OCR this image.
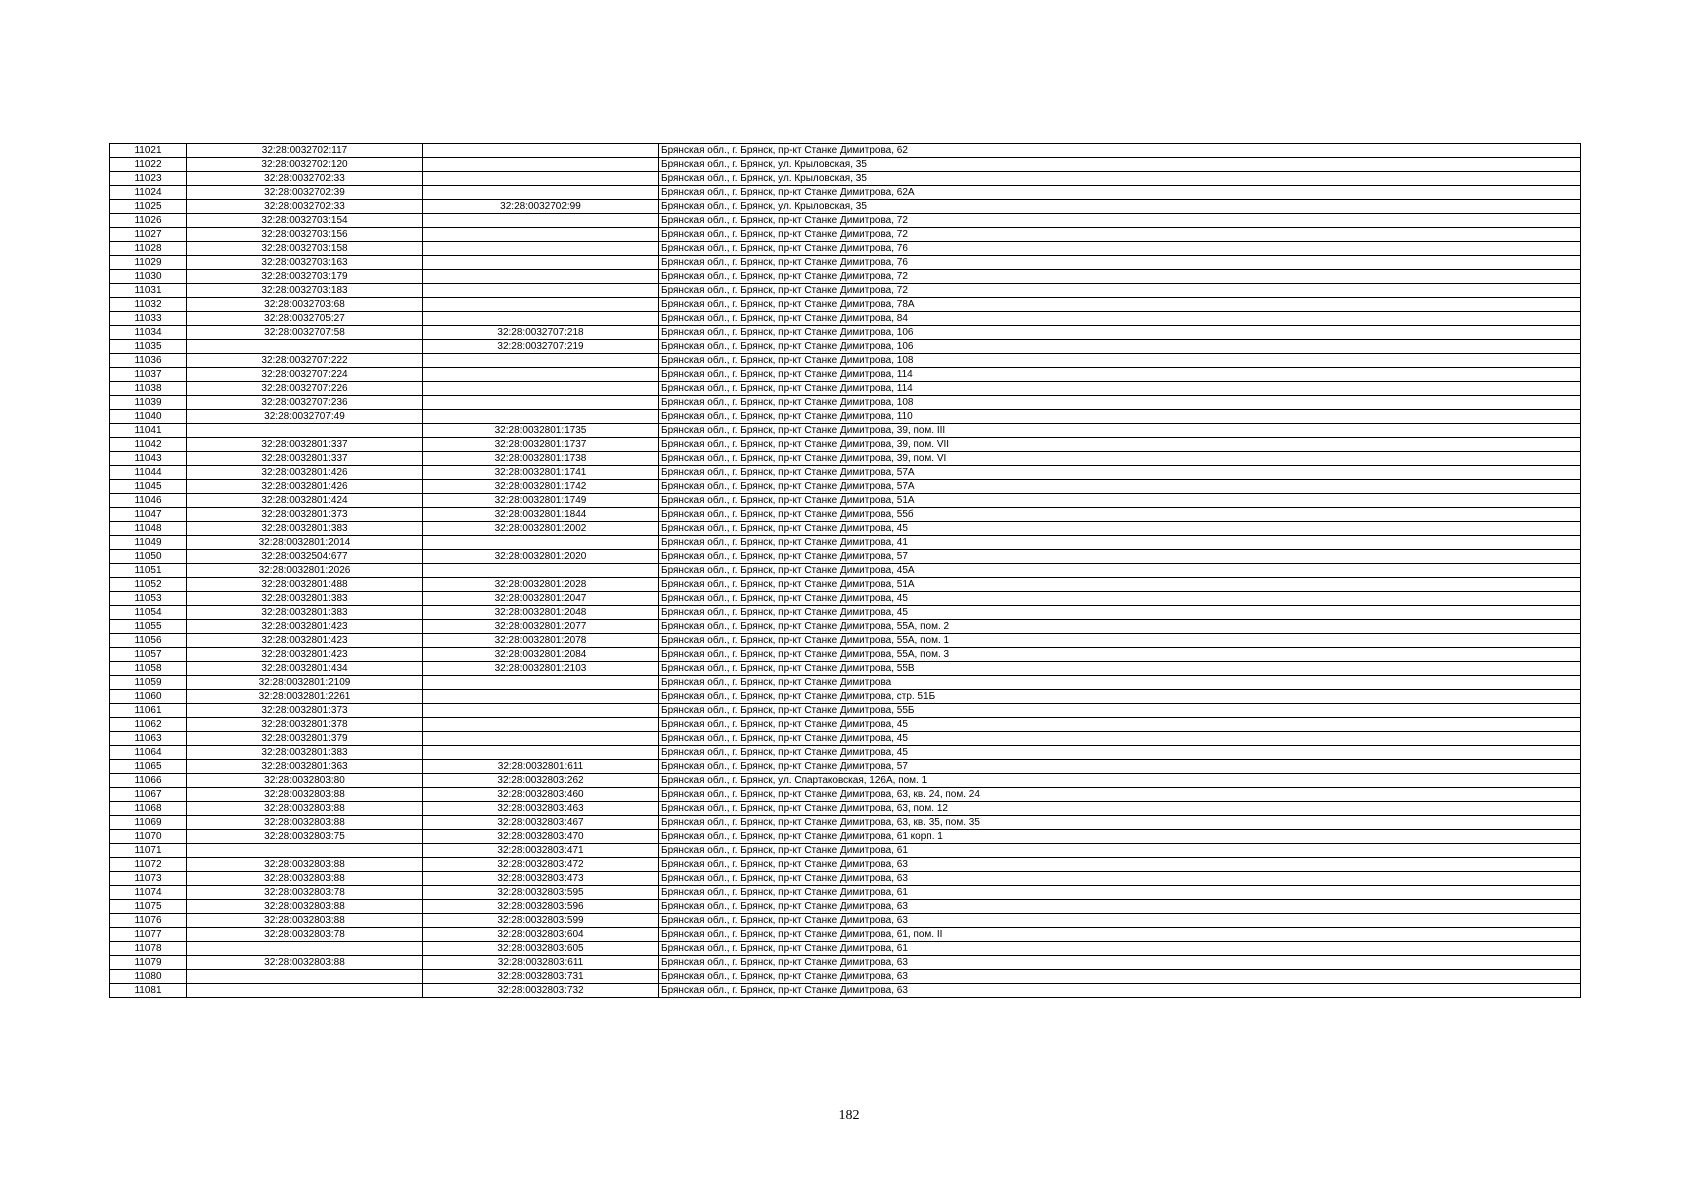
11021	32:28:0032702:117		Брянская обл., г. Брянск, пр-кт Станке Димитрова, 62
11022	32:28:0032702:120		Брянская обл., г. Брянск, ул. Крыловская, 35
11023	32:28:0032702:33		Брянская обл., г. Брянск, ул. Крыловская, 35
11024	32:28:0032702:39		Брянская обл., г. Брянск, пр-кт Станке Димитрова, 62А
11025	32:28:0032702:33	32:28:0032702:99	Брянская обл., г. Брянск, ул. Крыловская, 35
11026	32:28:0032703:154		Брянская обл., г. Брянск, пр-кт Станке Димитрова, 72
11027	32:28:0032703:156		Брянская обл., г. Брянск, пр-кт Станке Димитрова, 72
11028	32:28:0032703:158		Брянская обл., г. Брянск, пр-кт Станке Димитрова, 76
11029	32:28:0032703:163		Брянская обл., г. Брянск, пр-кт Станке Димитрова, 76
11030	32:28:0032703:179		Брянская обл., г. Брянск, пр-кт Станке Димитрова, 72
11031	32:28:0032703:183		Брянская обл., г. Брянск, пр-кт Станке Димитрова, 72
11032	32:28:0032703:68		Брянская обл., г. Брянск, пр-кт Станке Димитрова, 78А
11033	32:28:0032705:27		Брянская обл., г. Брянск, пр-кт Станке Димитрова, 84
11034	32:28:0032707:58	32:28:0032707:218	Брянская обл., г. Брянск, пр-кт Станке Димитрова, 106
11035		32:28:0032707:219	Брянская обл., г. Брянск, пр-кт Станке Димитрова, 106
11036	32:28:0032707:222		Брянская обл., г. Брянск, пр-кт Станке Димитрова, 108
11037	32:28:0032707:224		Брянская обл., г. Брянск, пр-кт Станке Димитрова, 114
11038	32:28:0032707:226		Брянская обл., г. Брянск, пр-кт Станке Димитрова, 114
11039	32:28:0032707:236		Брянская обл., г. Брянск, пр-кт Станке Димитрова, 108
11040	32:28:0032707:49		Брянская обл., г. Брянск, пр-кт Станке Димитрова, 110
11041		32:28:0032801:1735	Брянская обл., г. Брянск, пр-кт Станке Димитрова, 39, пом. III
11042	32:28:0032801:337	32:28:0032801:1737	Брянская обл., г. Брянск, пр-кт Станке Димитрова, 39, пом. VII
11043	32:28:0032801:337	32:28:0032801:1738	Брянская обл., г. Брянск, пр-кт Станке Димитрова, 39, пом. VI
11044	32:28:0032801:426	32:28:0032801:1741	Брянская обл., г. Брянск, пр-кт Станке Димитрова, 57А
11045	32:28:0032801:426	32:28:0032801:1742	Брянская обл., г. Брянск, пр-кт Станке Димитрова, 57А
11046	32:28:0032801:424	32:28:0032801:1749	Брянская обл., г. Брянск, пр-кт Станке Димитрова, 51А
11047	32:28:0032801:373	32:28:0032801:1844	Брянская обл., г. Брянск, пр-кт Станке Димитрова, 55б
11048	32:28:0032801:383	32:28:0032801:2002	Брянская обл., г. Брянск, пр-кт Станке Димитрова, 45
11049	32:28:0032801:2014		Брянская обл., г. Брянск, пр-кт Станке Димитрова, 41
11050	32:28:0032504:677	32:28:0032801:2020	Брянская обл., г. Брянск, пр-кт Станке Димитрова, 57
11051	32:28:0032801:2026		Брянская обл., г. Брянск, пр-кт Станке Димитрова, 45А
11052	32:28:0032801:488	32:28:0032801:2028	Брянская обл., г. Брянск, пр-кт Станке Димитрова, 51А
11053	32:28:0032801:383	32:28:0032801:2047	Брянская обл., г. Брянск, пр-кт Станке Димитрова, 45
11054	32:28:0032801:383	32:28:0032801:2048	Брянская обл., г. Брянск, пр-кт Станке Димитрова, 45
11055	32:28:0032801:423	32:28:0032801:2077	Брянская обл., г. Брянск, пр-кт Станке Димитрова, 55А, пом. 2
11056	32:28:0032801:423	32:28:0032801:2078	Брянская обл., г. Брянск, пр-кт Станке Димитрова, 55А, пом. 1
11057	32:28:0032801:423	32:28:0032801:2084	Брянская обл., г. Брянск, пр-кт Станке Димитрова, 55А, пом. 3
11058	32:28:0032801:434	32:28:0032801:2103	Брянская обл., г. Брянск, пр-кт Станке Димитрова, 55В
11059	32:28:0032801:2109		Брянская обл., г. Брянск, пр-кт Станке Димитрова
11060	32:28:0032801:2261		Брянская обл., г. Брянск, пр-кт Станке Димитрова, стр. 51Б
11061	32:28:0032801:373		Брянская обл., г. Брянск, пр-кт Станке Димитрова, 55Б
11062	32:28:0032801:378		Брянская обл., г. Брянск, пр-кт Станке Димитрова, 45
11063	32:28:0032801:379		Брянская обл., г. Брянск, пр-кт Станке Димитрова, 45
11064	32:28:0032801:383		Брянская обл., г. Брянск, пр-кт Станке Димитрова, 45
11065	32:28:0032801:363	32:28:0032801:611	Брянская обл., г. Брянск, пр-кт Станке Димитрова, 57
11066	32:28:0032803:80	32:28:0032803:262	Брянская обл., г. Брянск, ул. Спартаковская, 126А, пом. 1
11067	32:28:0032803:88	32:28:0032803:460	Брянская обл., г. Брянск, пр-кт Станке Димитрова, 63, кв. 24, пом. 24
11068	32:28:0032803:88	32:28:0032803:463	Брянская обл., г. Брянск, пр-кт Станке Димитрова, 63, пом. 12
11069	32:28:0032803:88	32:28:0032803:467	Брянская обл., г. Брянск, пр-кт Станке Димитрова, 63, кв. 35, пом. 35
11070	32:28:0032803:75	32:28:0032803:470	Брянская обл., г. Брянск, пр-кт Станке Димитрова, 61 корп. 1
11071		32:28:0032803:471	Брянская обл., г. Брянск, пр-кт Станке Димитрова, 61
11072	32:28:0032803:88	32:28:0032803:472	Брянская обл., г. Брянск, пр-кт Станке Димитрова, 63
11073	32:28:0032803:88	32:28:0032803:473	Брянская обл., г. Брянск, пр-кт Станке Димитрова, 63
11074	32:28:0032803:78	32:28:0032803:595	Брянская обл., г. Брянск, пр-кт Станке Димитрова, 61
11075	32:28:0032803:88	32:28:0032803:596	Брянская обл., г. Брянск, пр-кт Станке Димитрова, 63
11076	32:28:0032803:88	32:28:0032803:599	Брянская обл., г. Брянск, пр-кт Станке Димитрова, 63
11077	32:28:0032803:78	32:28:0032803:604	Брянская обл., г. Брянск, пр-кт Станке Димитрова, 61, пом. II
11078		32:28:0032803:605	Брянская обл., г. Брянск, пр-кт Станке Димитрова, 61
11079	32:28:0032803:88	32:28:0032803:611	Брянская обл., г. Брянск, пр-кт Станке Димитрова, 63
11080		32:28:0032803:731	Брянская обл., г. Брянск, пр-кт Станке Димитрова, 63
11081		32:28:0032803:732	Брянская обл., г. Брянск, пр-кт Станке Димитрова, 63
182
